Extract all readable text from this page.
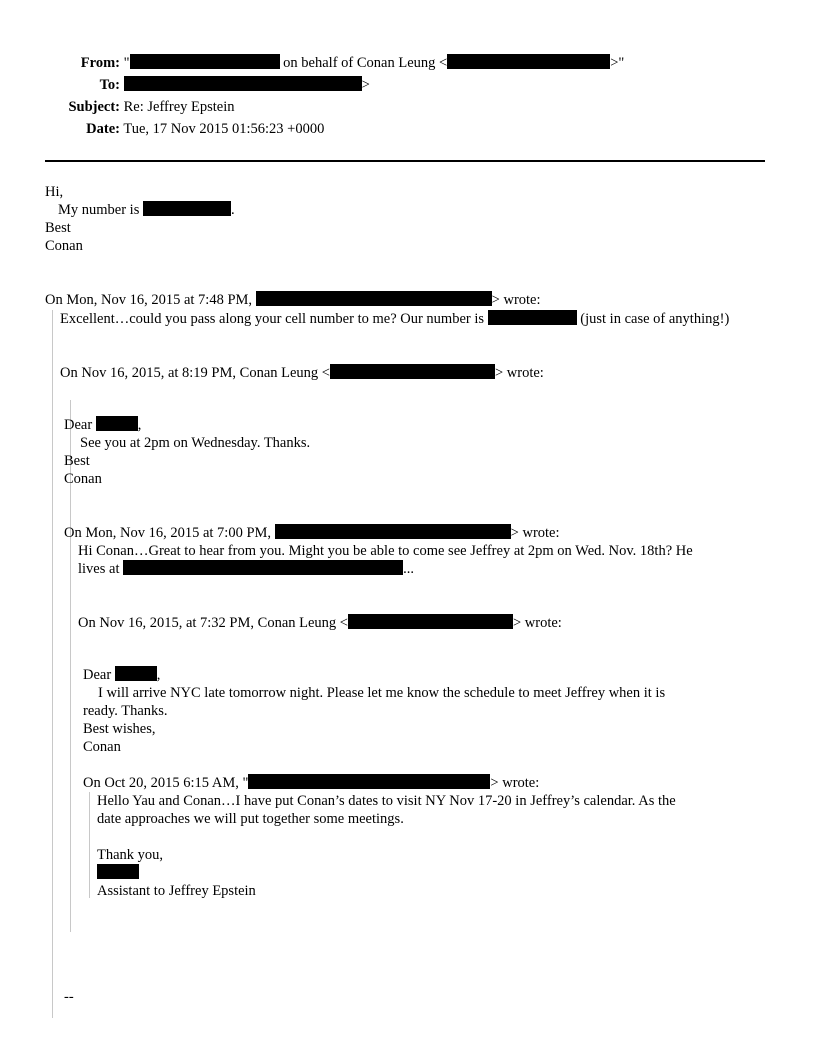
From: "	on behalf of Conan Leung <	>"
To:	>
Subject: Re: Jeffrey Epstein
Date: Tue, 17 Nov 2015 01:56:23 +0000
Hi,
My number is	.
Best
Conan
On Mon, Nov 16, 2015 at 7:48 PM,	> wrote:
Excellent…could you pass along your cell number to me? Our number is	(just in case of anything!)
On Nov 16, 2015, at 8:19 PM, Conan Leung <	> wrote:
Dear	,
See you at 2pm on Wednesday. Thanks.
Best
Conan
On Mon, Nov 16, 2015 at 7:00 PM,	> wrote:
Hi Conan…Great to hear from you. Might you be able to come see Jeffrey at 2pm on Wed. Nov. 18th? He
lives at	...
On Nov 16, 2015, at 7:32 PM, Conan Leung <	> wrote:
Dear	,
I will arrive NYC late tomorrow night. Please let me know the schedule to meet Jeffrey when it is
ready. Thanks.
Best wishes,
Conan
On Oct 20, 2015 6:15 AM, "	> wrote:
Hello Yau and Conan…I have put Conan’s dates to visit NY Nov 17-20 in Jeffrey’s calendar. As the
date approaches we will put together some meetings.
Thank you,
Assistant to Jeffrey Epstein
--
